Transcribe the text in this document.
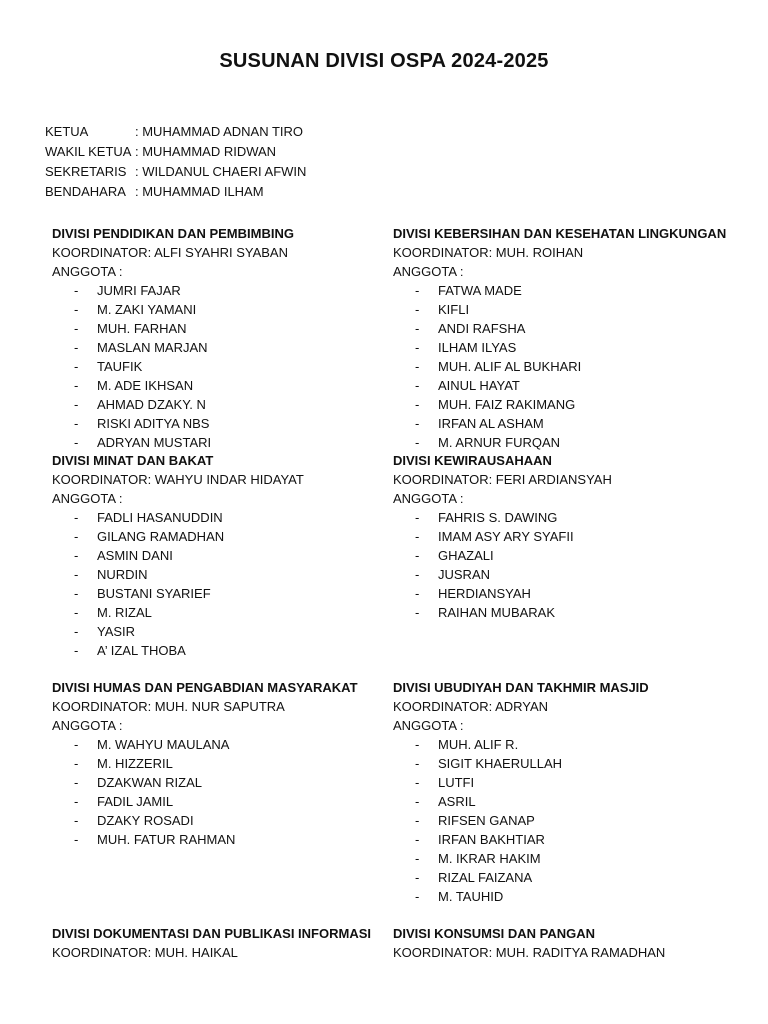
SUSUNAN DIVISI OSPA 2024-2025
KETUA	: MUHAMMAD ADNAN TIRO
WAKIL KETUA : MUHAMMAD RIDWAN
SEKRETARIS : WILDANUL CHAERI AFWIN
BENDAHARA : MUHAMMAD ILHAM
DIVISI PENDIDIKAN DAN PEMBIMBING
KOORDINATOR: ALFI SYAHRI SYABAN
ANGGOTA :
- JUMRI FAJAR
- M. ZAKI YAMANI
- MUH. FARHAN
- MASLAN MARJAN
- TAUFIK
- M. ADE IKHSAN
- AHMAD DZAKY. N
- RISKI ADITYA NBS
- ADRYAN MUSTARI
DIVISI KEBERSIHAN DAN KESEHATAN LINGKUNGAN
KOORDINATOR: MUH. ROIHAN
ANGGOTA :
- FATWA MADE
- KIFLI
- ANDI RAFSHA
- ILHAM ILYAS
- MUH. ALIF AL BUKHARI
- AINUL HAYAT
- MUH. FAIZ RAKIMANG
- IRFAN AL ASHAM
- M. ARNUR FURQAN
DIVISI MINAT DAN BAKAT
KOORDINATOR: WAHYU INDAR HIDAYAT
ANGGOTA :
- FADLI HASANUDDIN
- GILANG RAMADHAN
- ASMIN DANI
- NURDIN
- BUSTANI SYARIEF
- M. RIZAL
- YASIR
- A’ IZAL THOBA
DIVISI KEWIRAUSAHAAN
KOORDINATOR: FERI ARDIANSYAH
ANGGOTA :
- FAHRIS S. DAWING
- IMAM ASY ARY SYAFII
- GHAZALI
- JUSRAN
- HERDIANSYAH
- RAIHAN MUBARAK
DIVISI HUMAS DAN PENGABDIAN MASYARAKAT
KOORDINATOR: MUH. NUR SAPUTRA
ANGGOTA :
- M. WAHYU MAULANA
- M. HIZZERIL
- DZAKWAN RIZAL
- FADIL JAMIL
- DZAKY ROSADI
- MUH. FATUR RAHMAN
DIVISI UBUDIYAH DAN TAKHMIR MASJID
KOORDINATOR: ADRYAN
ANGGOTA :
- MUH. ALIF R.
- SIGIT KHAERULLAH
- LUTFI
- ASRIL
- RIFSEN GANAP
- IRFAN BAKHTIAR
- M. IKRAR HAKIM
- RIZAL FAIZANA
- M. TAUHID
DIVISI DOKUMENTASI DAN PUBLIKASI INFORMASI
KOORDINATOR: MUH. HAIKAL
DIVISI KONSUMSI DAN PANGAN
KOORDINATOR: MUH. RADITYA RAMADHAN
